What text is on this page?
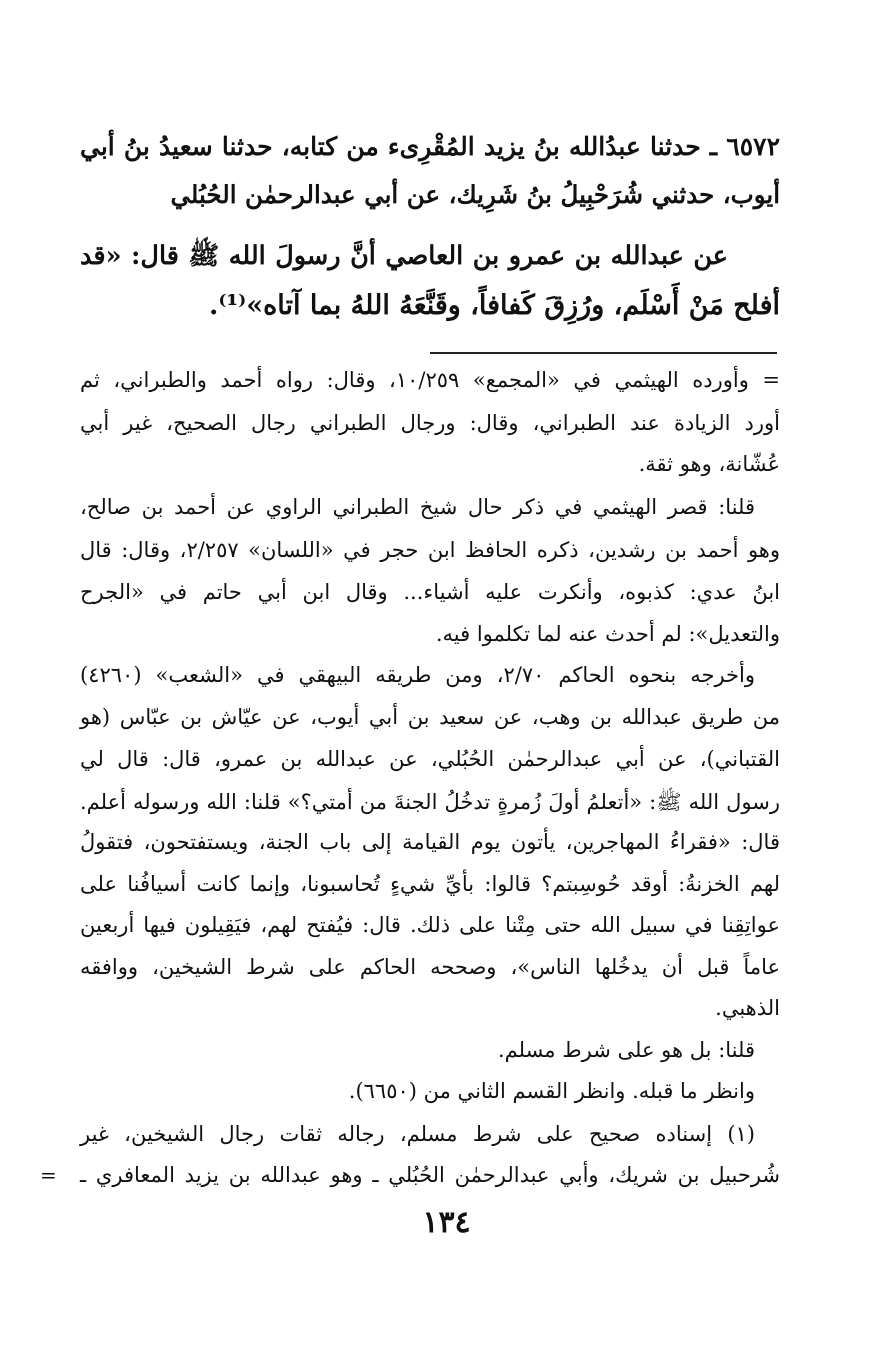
٦٥٧٢ ـ حدثنا عبدُالله بنُ يزيد المُقْرِىء من كتابه، حدثنا سعيدُ بنُ أبي
أيوب، حدثني شُرَحْبِيلُ بنُ شَرِيك، عن أبي عبدالرحمٰن الحُبُلي
عن عبدالله بن عمرو بن العاصي أنَّ رسولَ الله ﷺ قال: «قد
أفلح مَنْ أَسْلَم، ورُزِقَ كَفافاً، وقَنَّعَهُ اللهُ بما آتاه»⁽¹⁾.
= وأورده الهيثمي في «المجمع» ١٠/٢٥٩، وقال: رواه أحمد والطبراني، ثم
أورد الزيادة عند الطبراني، وقال: ورجال الطبراني رجال الصحيح، غير أبي
عُشّانة، وهو ثقة.
قلنا: قصر الهيثمي في ذكر حال شيخ الطبراني الراوي عن أحمد بن صالح،
وهو أحمد بن رشدين، ذكره الحافظ ابن حجر في «اللسان» ٢/٢٥٧، وقال: قال
ابنُ عدي: كذبوه، وأنكرت عليه أشياء... وقال ابن أبي حاتم في «الجرح
والتعديل»: لم أحدث عنه لما تكلموا فيه.
وأخرجه بنحوه الحاكم ٢/٧٠، ومن طريقه البيهقي في «الشعب» (٤٢٦٠)
من طريق عبدالله بن وهب، عن سعيد بن أبي أيوب، عن عيّاش بن عبّاس (هو
القتباني)، عن أبي عبدالرحمٰن الحُبُلي، عن عبدالله بن عمرو، قال: قال لي
رسول الله ﷺ: «أتعلمُ أولَ زُمرةٍ تدخُلُ الجنةَ من أمتي؟» قلنا: الله ورسوله أعلم.
قال: «فقراءُ المهاجرين، يأتون يوم القيامة إلى باب الجنة، ويستفتحون، فتقولُ
لهم الخزنةُ: أوقد حُوسِبتم؟ قالوا: بأيِّ شيءٍ تُحاسبونا، وإنما كانت أسيافُنا على
عواتِقِنا في سبيل الله حتى مِتْنا على ذلك. قال: فيُفتح لهم، فيَقِيلون فيها أربعين
عاماً قبل أن يدخُلها الناس»، وصححه الحاكم على شرط الشيخين، ووافقه
الذهبي.
قلنا: بل هو على شرط مسلم.
وانظر ما قبله. وانظر القسم الثاني من (٦٦٥٠).
(١) إسناده صحيح على شرط مسلم، رجاله ثقات رجال الشيخين، غير
شُرحبيل بن شريك، وأبي عبدالرحمٰن الحُبُلي ـ وهو عبدالله بن يزيد المعافري ـ
=
١٣٤
